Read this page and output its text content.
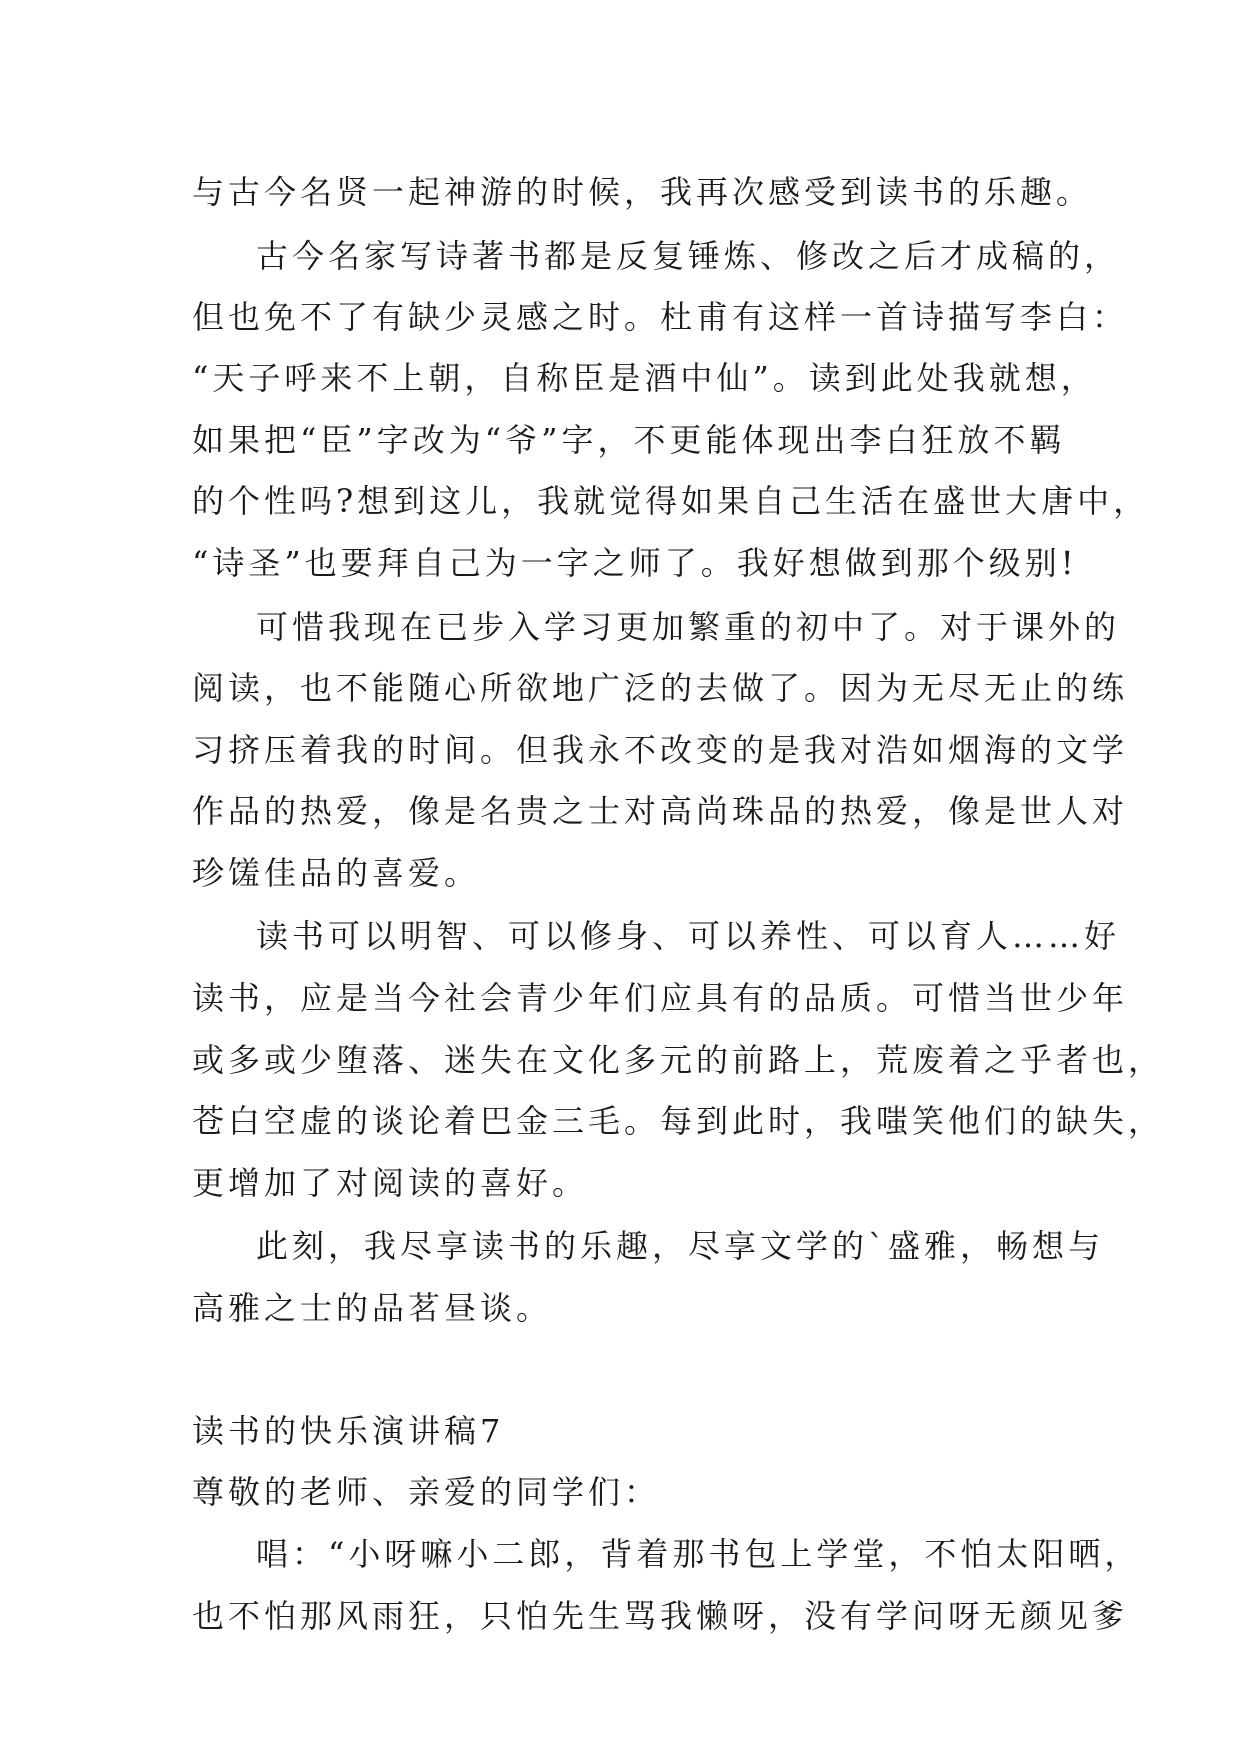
与古今名贤一起神游的时候，我再次感受到读书的乐趣。
古今名家写诗著书都是反复锤炼、修改之后才成稿的，
但也免不了有缺少灵感之时。杜甫有这样一首诗描写李白：
“天子呼来不上朝，自称臣是酒中仙”。读到此处我就想，
如果把“臣”字改为“爷”字，不更能体现出李白狂放不羁
的个性吗?想到这儿，我就觉得如果自己生活在盛世大唐中，
“诗圣”也要拜自己为一字之师了。我好想做到那个级别!
可惜我现在已步入学习更加繁重的初中了。对于课外的
阅读，也不能随心所欲地广泛的去做了。因为无尽无止的练
习挤压着我的时间。但我永不改变的是我对浩如烟海的文学
作品的热爱，像是名贵之士对高尚珠品的热爱，像是世人对
珍馐佳品的喜爱。
读书可以明智、可以修身、可以养性、可以育人……好
读书，应是当今社会青少年们应具有的品质。可惜当世少年
或多或少堕落、迷失在文化多元的前路上，荒废着之乎者也，
苍白空虚的谈论着巴金三毛。每到此时，我嗤笑他们的缺失，
更增加了对阅读的喜好。
此刻，我尽享读书的乐趣，尽享文学的`盛雅，畅想与
高雅之士的品茗昼谈。
读书的快乐演讲稿7
尊敬的老师、亲爱的同学们：
唱：“小呀嘛小二郎，背着那书包上学堂，不怕太阳晒，
也不怕那风雨狂，只怕先生骂我懒呀，没有学问呀无颜见爹
